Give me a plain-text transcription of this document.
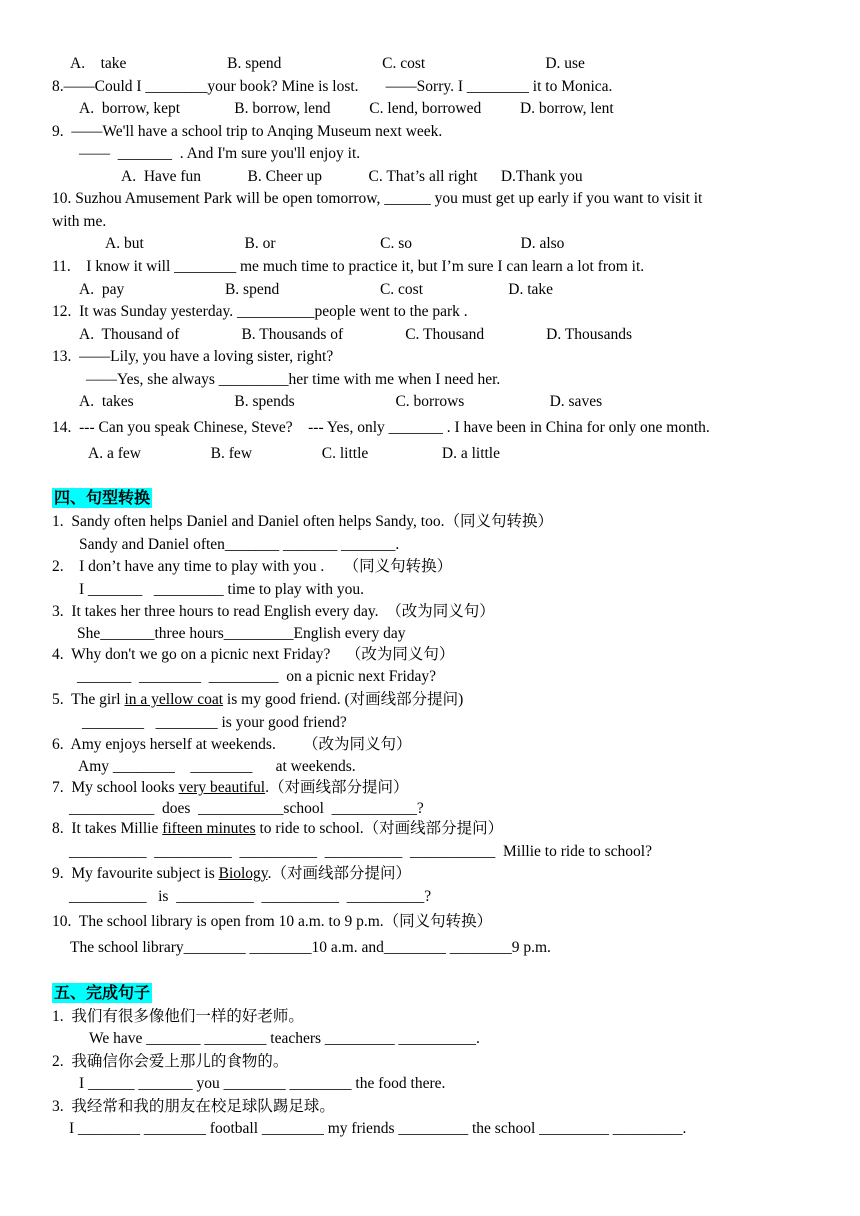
A.    take                          B. spend                          C. cost                               D. use
8.——Could I ________your book? Mine is lost.       ——Sorry. I ________ it to Monica.
A.  borrow, kept              B. borrow, lend          C. lend, borrowed          D. borrow, lent
9.  ——We'll have a school trip to Anqing Museum next week.
——  _______  . And I'm sure you'll enjoy it.
A.  Have fun            B. Cheer up            C. That’s all right      D.Thank you
10. Suzhou Amusement Park will be open tomorrow, ______ you must get up early if you want to visit it
with me.
A. but                          B. or                           C. so                            D. also
11.    I know it will ________ me much time to practice it, but I’m sure I can learn a lot from it.
A.  pay                          B. spend                          C. cost                      D. take
12.  It was Sunday yesterday. __________people went to the park .
A.  Thousand of                B. Thousands of                C. Thousand                D. Thousands
13.  ——Lily, you have a loving sister, right?
——Yes, she always _________her time with me when I need her.
A.  takes                          B. spends                          C. borrows                      D. saves
14.  --- Can you speak Chinese, Steve?    --- Yes, only _______ . I have been in China for only one month.
A. a few                  B. few                  C. little                   D. a little
1.  Sandy often helps Daniel and Daniel often helps Sandy, too.（同义句转换）
Sandy and Daniel often_______ _______ _______.
2.    I don’t have any time to play with you .     （同义句转换）
I _______   _________ time to play with you.
3.  It takes her three hours to read English every day.  （改为同义句）
She_______three hours_________English every day
4.  Why don't we go on a picnic next Friday?    （改为同义句）
_______  ________  _________  on a picnic next Friday?
________   ________ is your good friend?
6.  Amy enjoys herself at weekends.       （改为同义句）
Amy ________    ________      at weekends.
___________  does  ___________school  ___________?
__________  __________  __________  __________  ___________  Millie to ride to school?
__________   is  __________  __________  __________?
10.  The school library is open from 10 a.m. to 9 p.m.（同义句转换）
The school library________ ________10 a.m. and________ ________9 p.m.
1.  我们有很多像他们一样的好老师。
We have _______ ________ teachers _________ __________.
2.  我确信你会爱上那儿的食物的。
I ______ _______ you ________ ________ the food there.
3.  我经常和我的朋友在校足球队踢足球。
I ________ ________ football ________ my friends _________ the school _________ _________.
5.  The girl in a yellow coat is my good friend. (对画线部分提问)
7.  My school looks very beautiful.（对画线部分提问）
8.  It takes Millie fifteen minutes to ride to school.（对画线部分提问）
9.  My favourite subject is Biology.（对画线部分提问）
四、句型转换
五、完成句子
